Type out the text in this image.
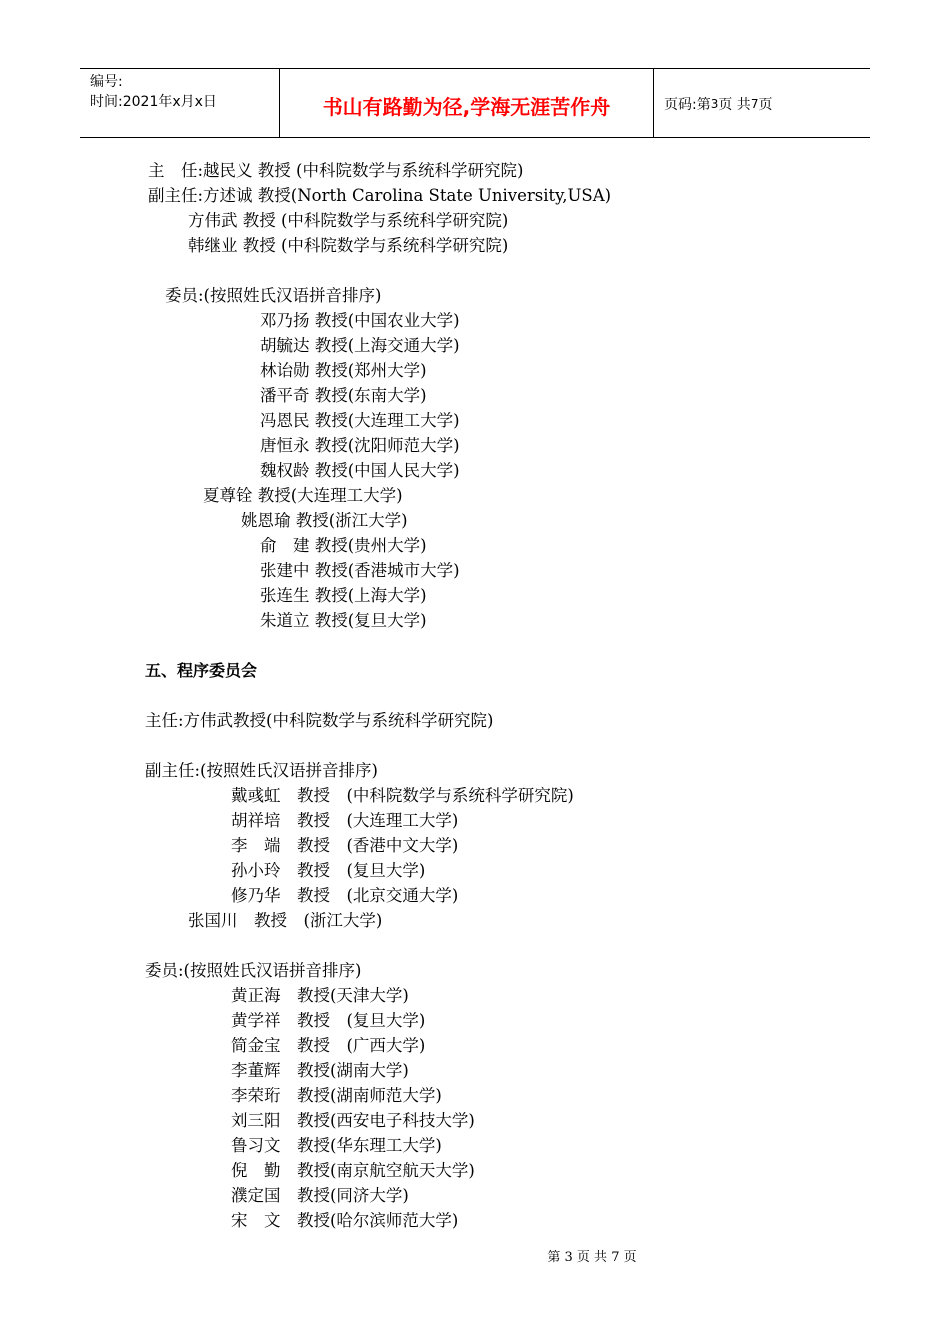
编号:
时间:2021年x月x日	书山有路勤为径,学海无涯苦作舟	页码:第 3 页 共 7 页
主　任:越民义 教授 (中科院数学与系统科学研究院)
副主任:方述诚 教授(North Carolina State University,USA)
方伟武 教授 (中科院数学与系统科学研究院)
韩继业 教授 (中科院数学与系统科学研究院)
委员:(按照姓氏汉语拼音排序)
邓乃扬 教授(中国农业大学)
胡毓达 教授(上海交通大学)
林诒勋 教授(郑州大学)
潘平奇 教授(东南大学)
冯恩民 教授(大连理工大学)
唐恒永 教授(沈阳师范大学)
魏权龄 教授(中国人民大学)
夏尊铨 教授(大连理工大学)
姚恩瑜 教授(浙江大学)
俞　建 教授(贵州大学)
张建中 教授(香港城市大学)
张连生 教授(上海大学)
朱道立 教授(复旦大学)
五、程序委员会
主任:方伟武教授(中科院数学与系统科学研究院)
副主任:(按照姓氏汉语拼音排序)
戴彧虹　教授　(中科院数学与系统科学研究院)
胡祥培　教授　(大连理工大学)
李　端　教授　(香港中文大学)
孙小玲　教授　(复旦大学)
修乃华　教授　(北京交通大学)
张国川　教授　(浙江大学)
委员:(按照姓氏汉语拼音排序)
黄正海　教授(天津大学)
黄学祥　教授　(复旦大学)
简金宝　教授　(广西大学)
李董辉　教授(湖南大学)
李荣珩　教授(湖南师范大学)
刘三阳　教授(西安电子科技大学)
鲁习文　教授(华东理工大学)
倪　勤　教授(南京航空航天大学)
濮定国　教授(同济大学)
宋　文　教授(哈尔滨师范大学)
第 3 页 共 7 页
